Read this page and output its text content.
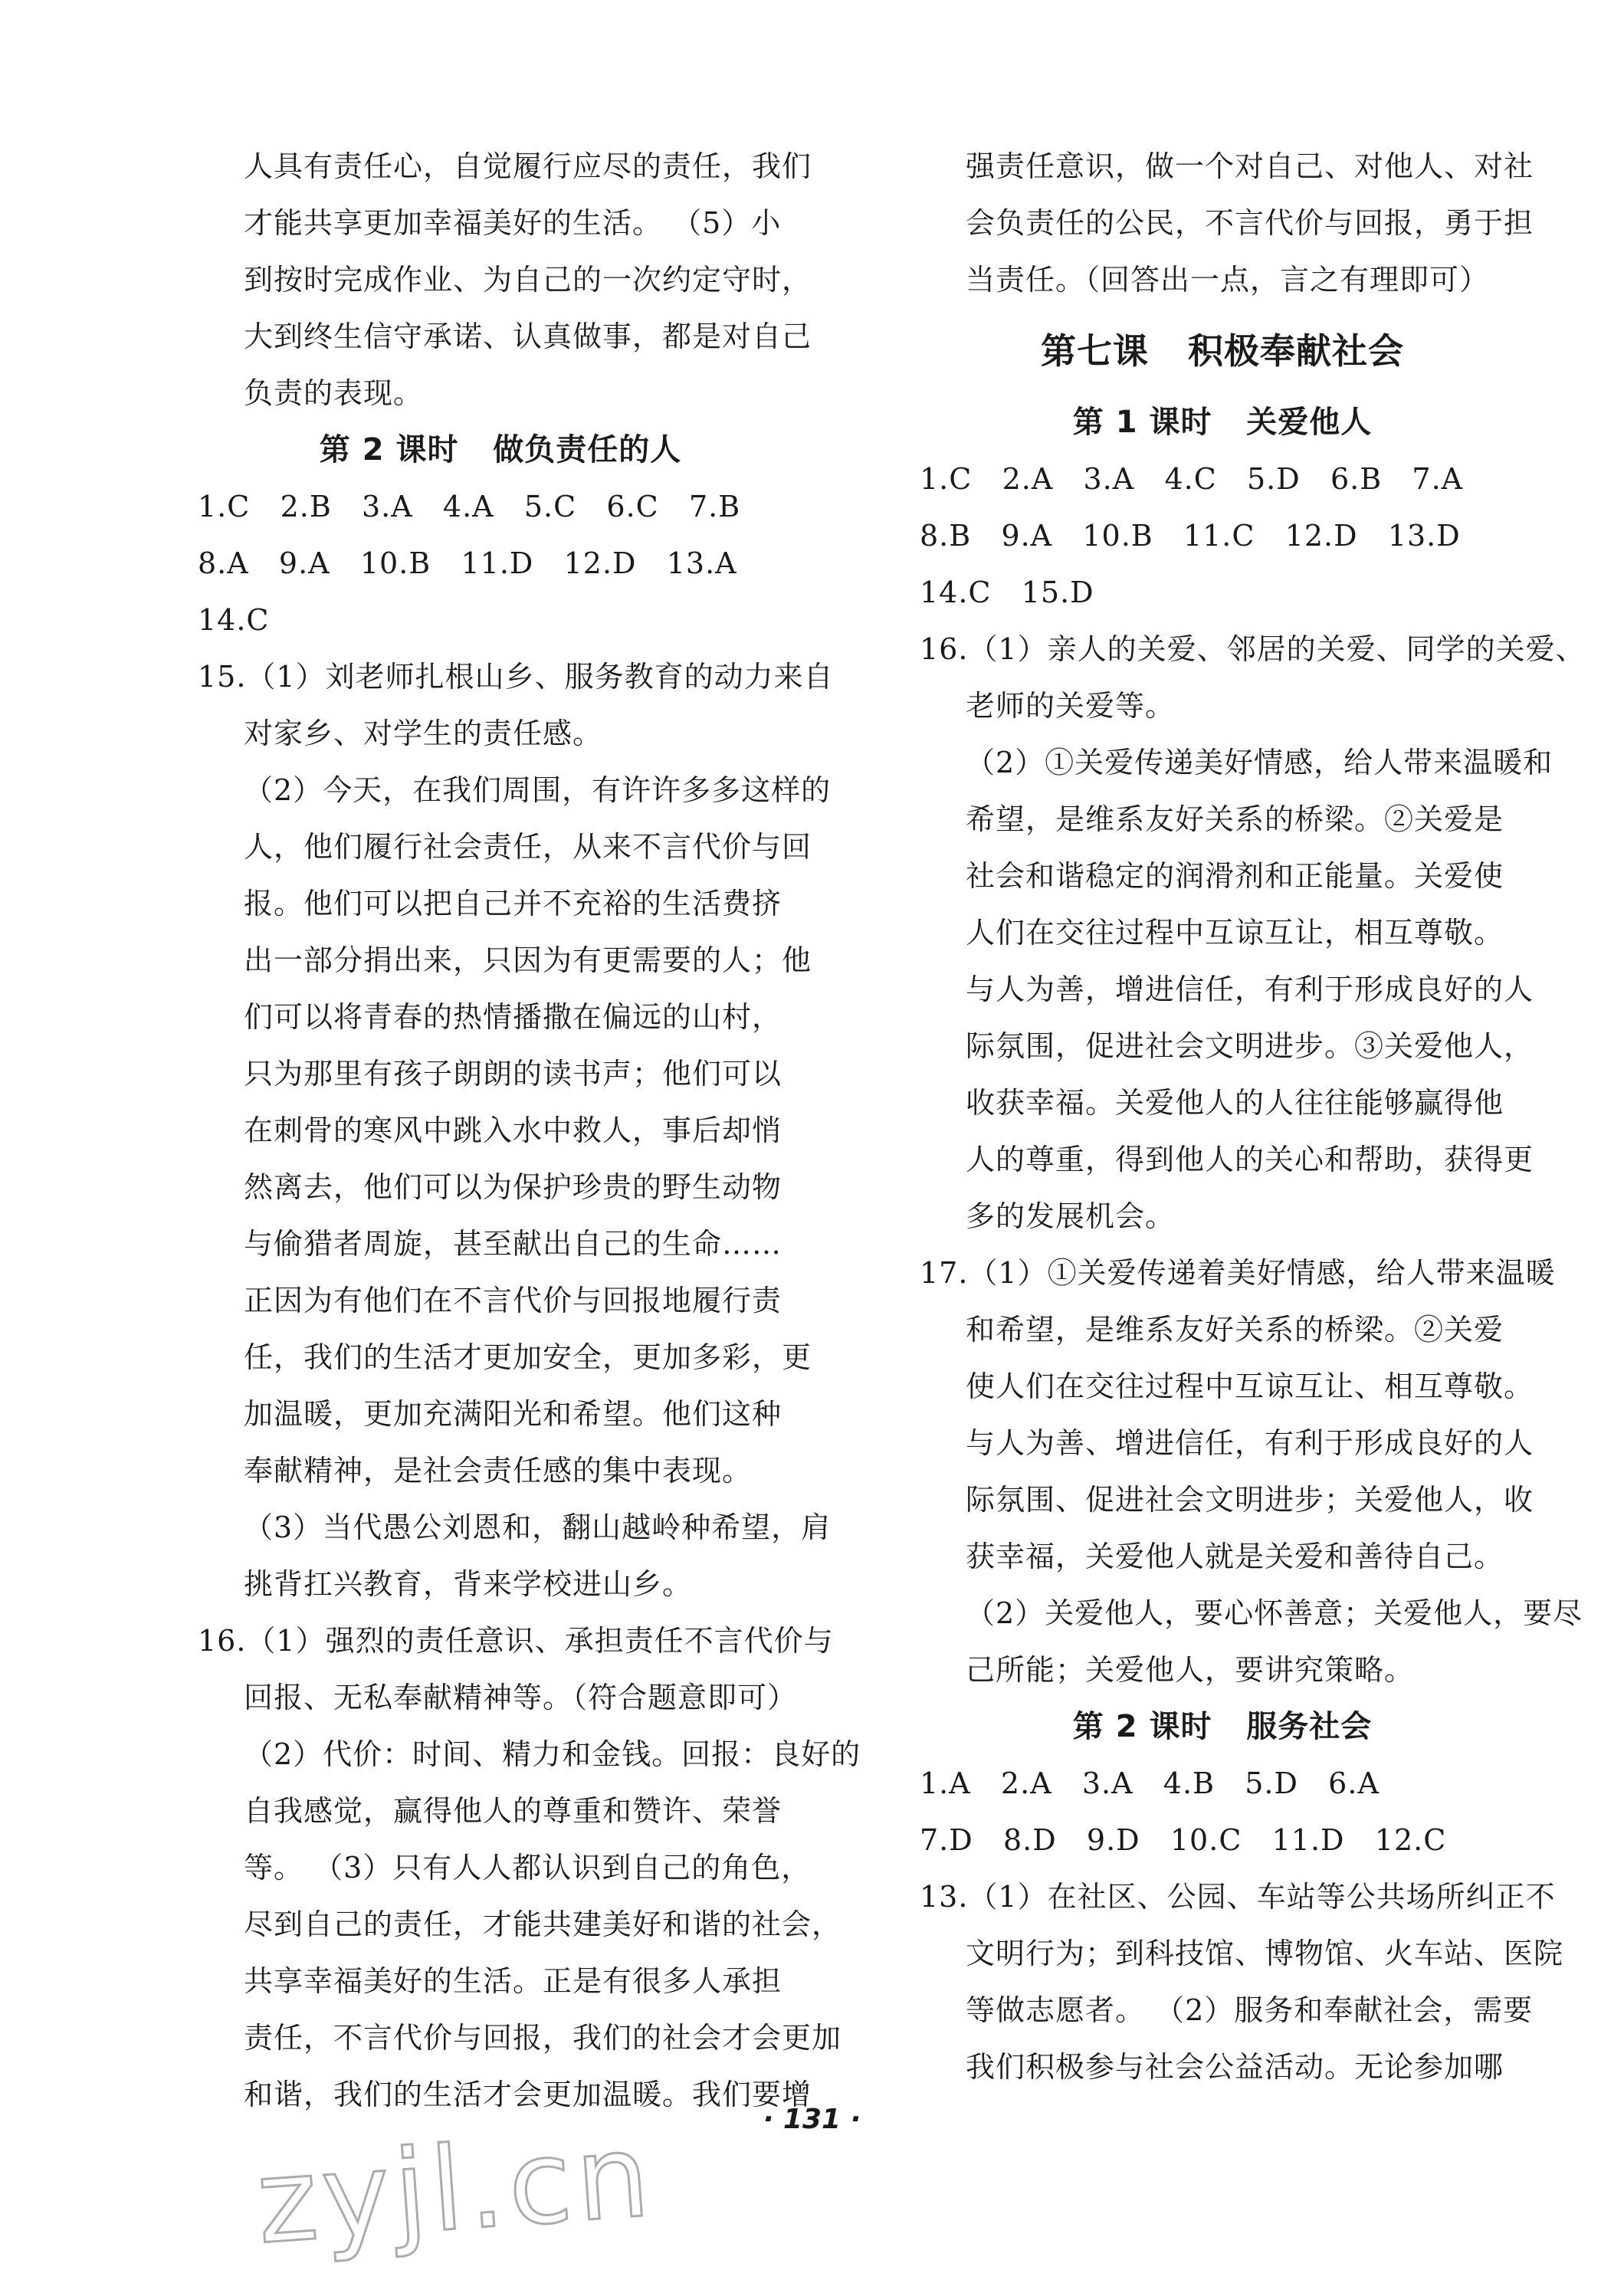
人具有责任心，自觉履行应尽的责任，我们
才能共享更加幸福美好的生活。 （5）小
到按时完成作业、为自己的一次约定守时，
大到终生信守承诺、认真做事，都是对自己
负责的表现。
第 2 课时   做负责任的人
1.C   2.B   3.A   4.A   5.C   6.C   7.B
8.A   9.A   10.B   11.D   12.D   13.A
14.C
15.（1）刘老师扎根山乡、服务教育的动力来自
对家乡、对学生的责任感。
（2）今天，在我们周围，有许许多多这样的
人，他们履行社会责任，从来不言代价与回
报。他们可以把自己并不充裕的生活费挤
出一部分捐出来，只因为有更需要的人；他
们可以将青春的热情播撒在偏远的山村，
只为那里有孩子朗朗的读书声；他们可以
在刺骨的寒风中跳入水中救人，事后却悄
然离去，他们可以为保护珍贵的野生动物
与偷猎者周旋，甚至献出自己的生命……
正因为有他们在不言代价与回报地履行责
任，我们的生活才更加安全，更加多彩，更
加温暖，更加充满阳光和希望。他们这种
奉献精神，是社会责任感的集中表现。
（3）当代愚公刘恩和，翻山越岭种希望，肩
挑背扛兴教育，背来学校进山乡。
16.（1）强烈的责任意识、承担责任不言代价与
回报、无私奉献精神等。（符合题意即可）
（2）代价：时间、精力和金钱。回报：良好的
自我感觉，赢得他人的尊重和赞许、荣誉
等。 （3）只有人人都认识到自己的角色，
尽到自己的责任，才能共建美好和谐的社会，
共享幸福美好的生活。正是有很多人承担
责任，不言代价与回报，我们的社会才会更加
和谐，我们的生活才会更加温暖。我们要增
强责任意识，做一个对自己、对他人、对社
会负责任的公民，不言代价与回报，勇于担
当责任。（回答出一点，言之有理即可）
第七课   积极奉献社会
第 1 课时   关爱他人
1.C   2.A   3.A   4.C   5.D   6.B   7.A
8.B   9.A   10.B   11.C   12.D   13.D
14.C   15.D
16.（1）亲人的关爱、邻居的关爱、同学的关爱、
老师的关爱等。
（2）①关爱传递美好情感，给人带来温暖和
希望，是维系友好关系的桥梁。②关爱是
社会和谐稳定的润滑剂和正能量。关爱使
人们在交往过程中互谅互让，相互尊敬。
与人为善，增进信任，有利于形成良好的人
际氛围，促进社会文明进步。③关爱他人，
收获幸福。关爱他人的人往往能够赢得他
人的尊重，得到他人的关心和帮助，获得更
多的发展机会。
17.（1）①关爱传递着美好情感，给人带来温暖
和希望，是维系友好关系的桥梁。②关爱
使人们在交往过程中互谅互让、相互尊敬。
与人为善、增进信任，有利于形成良好的人
际氛围、促进社会文明进步；关爱他人，收
获幸福，关爱他人就是关爱和善待自己。
（2）关爱他人，要心怀善意；关爱他人，要尽
己所能；关爱他人，要讲究策略。
第 2 课时   服务社会
1.A   2.A   3.A   4.B   5.D   6.A
7.D   8.D   9.D   10.C   11.D   12.C
13.（1）在社区、公园、车站等公共场所纠正不
文明行为；到科技馆、博物馆、火车站、医院
等做志愿者。 （2）服务和奉献社会，需要
我们积极参与社会公益活动。无论参加哪
· 131 ·
zyjl.cn
